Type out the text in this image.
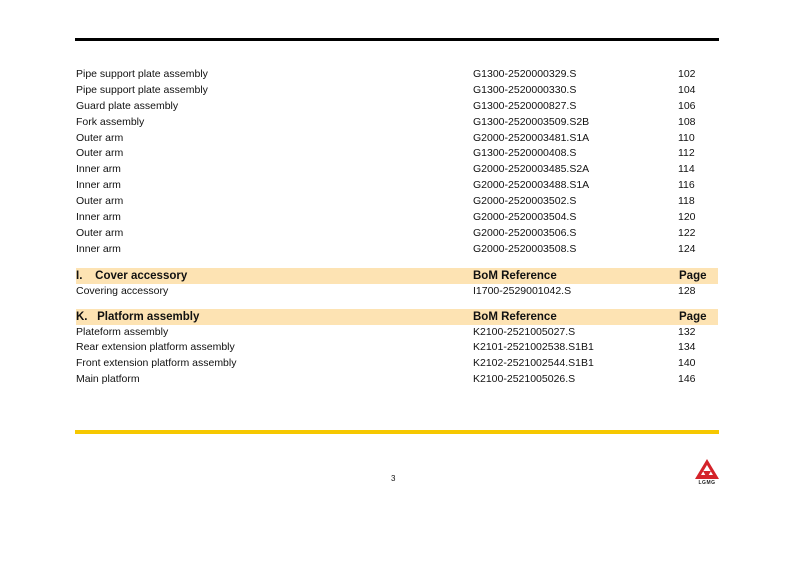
Pipe support plate assembly	G1300-2520000329.S	102
Pipe support plate assembly	G1300-2520000330.S	104
Guard plate assembly	G1300-2520000827.S	106
Fork assembly	G1300-2520003509.S2B	108
Outer arm	G2000-2520003481.S1A	110
Outer arm	G1300-2520000408.S	112
Inner arm	G2000-2520003485.S2A	114
Inner arm	G2000-2520003488.S1A	116
Outer arm	G2000-2520003502.S	118
Inner arm	G2000-2520003504.S	120
Outer arm	G2000-2520003506.S	122
Inner arm	G2000-2520003508.S	124
I.    Cover accessory	BoM Reference	Page
Covering accessory	I1700-2529001042.S	128
K.   Platform assembly	BoM Reference	Page
Plateform assembly	K2100-2521005027.S	132
Rear extension platform assembly	K2101-2521002538.S1B1	134
Front extension platform assembly	K2102-2521002544.S1B1	140
Main platform	K2100-2521005026.S	146
3	LGMG
